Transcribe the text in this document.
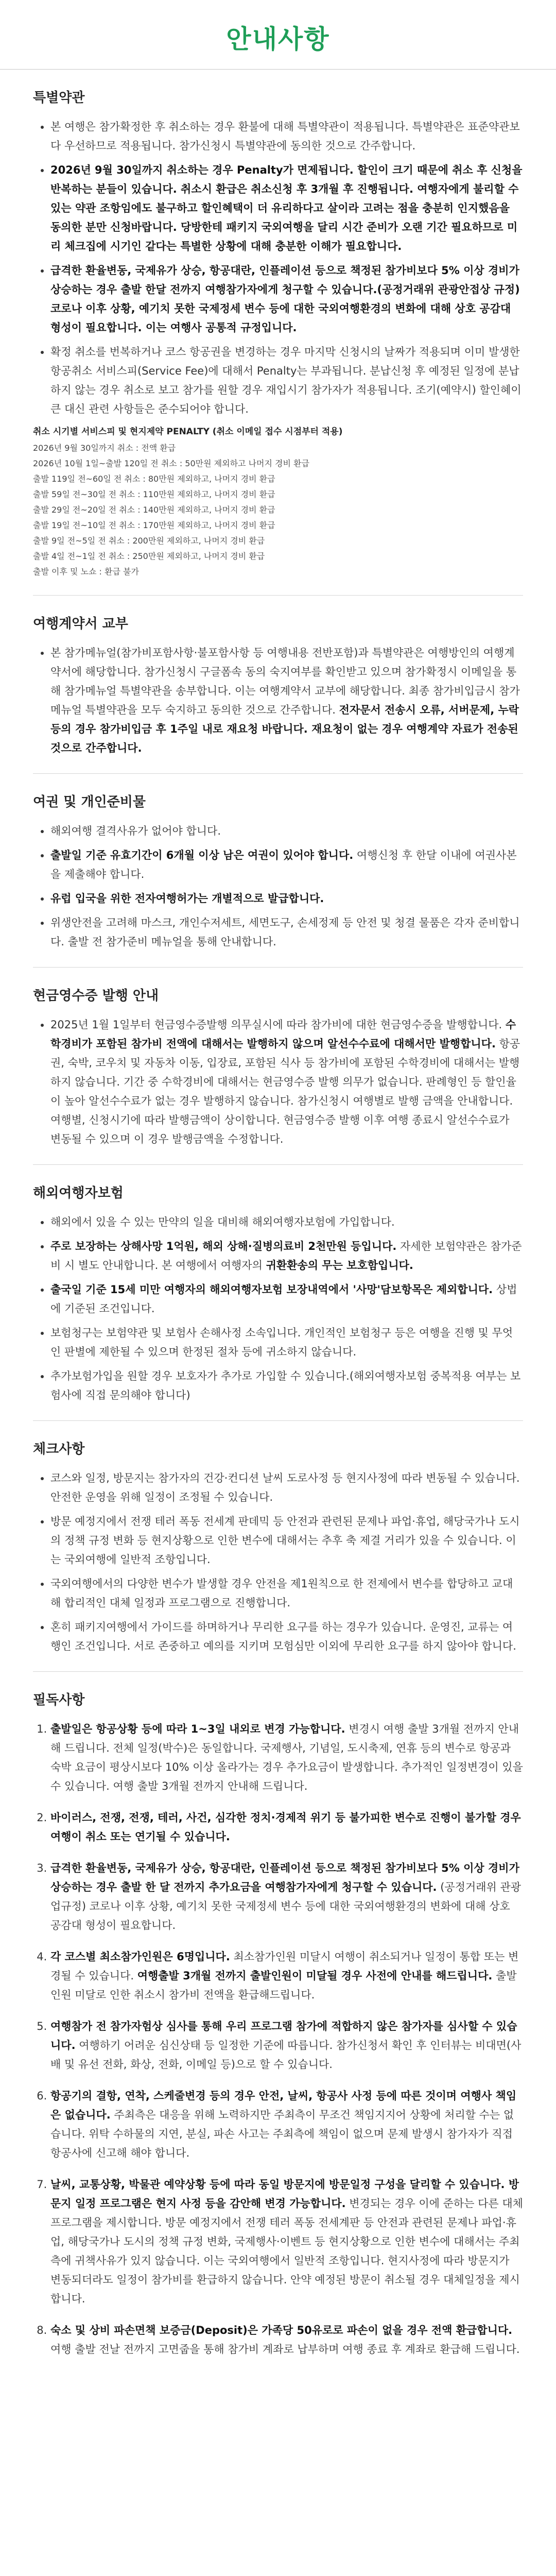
안내사항
특별약관
• 본 여행은 참가확정한 후 취소하는 경우 환불에 대해 특별약관이 적용됩니다. 특별약관은 표준약관보다 우선하므로 적용됩니다. 참가신청시 특별약관에 동의한 것으로 간주합니다.
• 2026년 9월 30일까지 취소하는 경우 Penalty가 면제됩니다. 할인이 크기 때문에 취소 후 신청을 반복하는 분들이 있습니다. 취소시 환급은 취소신청 후 3개월 후 진행됩니다. 여행자에게 불리할 수 있는 약관 조항임에도 불구하고 할인혜택이 더 유리하다고 살이라 고려는 점을 충분히 인지했음을 동의한 분만 신청바랍니다. 당방한테 패키지 국외여행을 달리 시간 준비가 오랜 기간 필요하므로 미리 체크집에 시기인 같다는 특별한 상황에 대해 충분한 이해가 필요합니다.
• 급격한 환율변동, 국제유가 상승, 항공대란, 인플레이션 등으로 책정된 참가비보다 5% 이상 경비가 상승하는 경우 출발 한달 전까지 여행참가자에게 청구할 수 있습니다.(공정거래위 관광안접상 규정) 코로나 이후 상황, 예기치 못한 국제정세 변수 등에 대한 국외여행환경의 변화에 대해 상호 공감대 형성이 필요합니다. 이는 여행사 공통적 규정입니다.
• 확정 취소를 번복하거나 코스 항공권을 변경하는 경우 마지막 신청시의 날짜가 적용되며 이미 발생한 항공취소 서비스피(Service Fee)에 대해서 Penalty는 부과됩니다. 분납신청 후 예정된 일정에 분납하지 않는 경우 취소로 보고 참가를 원할 경우 재입시기 참가자가 적용됩니다. 조기(예약시) 할인혜이 큰 대신 관련 사항들은 준수되어야 합니다.
취소 시기별 서비스피 및 현지제약 PENALTY (취소 이메일 접수 시점부터 적용)
2026년 9월 30일까지 취소 : 전액 환급
2026년 10월 1일~출발 120일 전 취소 : 50만원 제외하고 나머지 경비 환급
출발 119일 전~60일 전 취소 : 80만원 제외하고, 나머지 경비 환급
출발 59일 전~30일 전 취소 : 110만원 제외하고, 나머지 경비 환급
출발 29일 전~20일 전 취소 : 140만원 제외하고, 나머지 경비 환급
출발 19일 전~10일 전 취소 : 170만원 제외하고, 나머지 경비 환급
출발 9일 전~5일 전 취소 : 200만원 제외하고, 나머지 경비 환급
출발 4일 전~1일 전 취소 : 250만원 제외하고, 나머지 경비 환급
출발 이후 및 노쇼 : 환급 불가
여행계약서 교부
• 본 참가메뉴얼(참가비포함사항·불포함사항 등 여행내용 전반포함)과 특별약관은 여행방인의 여행계약서에 해당합니다. 참가신청시 구글폼속 동의 숙지여부를 확인받고 있으며 참가확정시 이메일을 통해 참가메뉴얼 특별약관을 송부합니다. 이는 여행계약서 교부에 해당합니다. 최종 참가비입금시 참가메뉴얼 특별약관을 모두 숙지하고 동의한 것으로 간주합니다. 전자문서 전송시 오류, 서버문제, 누락 등의 경우 참가비입금 후 1주일 내로 재요청 바랍니다. 재요청이 없는 경우 여행계약 자료가 전송된 것으로 간주합니다.
여권 및 개인준비물
• 해외여행 결격사유가 없어야 합니다.
• 출발일 기준 유효기간이 6개월 이상 남은 여권이 있어야 합니다. 여행신청 후 한달 이내에 여권사본을 제출해야 합니다.
• 유럽 입국을 위한 전자여행허가는 개별적으로 발급합니다.
• 위생안전을 고려해 마스크, 개인수저세트, 세면도구, 손세정제 등 안전 및 청결 물품은 각자 준비합니다. 출발 전 참가준비 메뉴얼을 통해 안내합니다.
현금영수증 발행 안내
• 2025년 1월 1일부터 현금영수증발행 의무실시에 따라 참가비에 대한 현금영수증을 발행합니다. 수학경비가 포함된 참가비 전액에 대해서는 발행하지 않으며 알선수수료에 대해서만 발행합니다. 항공권, 숙박, 코우치 및 자동차 이동, 입장료, 포함된 식사 등 참가비에 포함된 수학경비에 대해서는 발행하지 않습니다. 기간 중 수학경비에 대해서는 현금영수증 발행 의무가 없습니다. 판례형인 등 할인율이 높아 알선수수료가 없는 경우 발행하지 않습니다. 참가신청시 여행별로 발행 금액을 안내합니다. 여행별, 신청시기에 따라 발행금액이 상이합니다. 현금영수증 발행 이후 여행 종료시 알선수수료가 변동될 수 있으며 이 경우 발행금액을 수정합니다.
해외여행자보험
• 해외에서 있을 수 있는 만약의 일을 대비해 해외여행자보험에 가입합니다.
• 주로 보장하는 상해사망 1억원, 해외 상해·질병의료비 2천만원 등입니다. 자세한 보험약관은 참가준비 시 별도 안내합니다. 본 여행에서 여행자의 귀환환송의 무는 보호함입니다.
• 출국일 기준 15세 미만 여행자의 해외여행자보험 보장내역에서 '사망'담보항목은 제외합니다. 상법에 기준된 조건입니다.
• 보험청구는 보험약관 및 보험사 손해사정 소속입니다. 개인적인 보험청구 등은 여행을 진행 및 무엇인 판별에 제한될 수 있으며 한정된 절차 등에 귀소하지 않습니다.
• 추가보험가입을 원할 경우 보호자가 추가로 가입할 수 있습니다.(해외여행자보험 중복적용 여부는 보험사에 직접 문의해야 합니다)
체크사항
• 코스와 일정, 방문지는 참가자의 건강·컨디션 날씨 도로사정 등 현지사정에 따라 변동될 수 있습니다. 안전한 운영을 위해 일정이 조정될 수 있습니다.
• 방문 예정지에서 전쟁 테러 폭동 전세계 판데믹 등 안전과 관련된 문제나 파업·휴업, 해당국가나 도시의 정책 규정 변화 등 현지상황으로 인한 변수에 대해서는 추후 축 제결 거리가 있을 수 있습니다. 이는 국외여행에 일반적 조항입니다.
• 국외여행에서의 다양한 변수가 발생할 경우 안전을 제1원칙으로 한 전제에서 변수를 합당하고 교대해 합리적인 대체 일정과 프로그램으로 진행합니다.
• 혼히 패키지여행에서 가이드를 하며하거나 무리한 요구를 하는 경우가 있습니다. 운영진, 교류는 여행인 조건입니다. 서로 존중하고 예의를 지키며 모험심만 이외에 무리한 요구를 하지 않아야 합니다.
필독사항
1. 출발일은 항공상황 등에 따라 1~3일 내외로 변경 가능합니다. 변경시 여행 출발 3개월 전까지 안내해 드립니다. 전체 일정(박수)은 동일합니다. 국제행사, 기념일, 도시축제, 연휴 등의 변수로 항공과 숙박 요금이 평상시보다 10% 이상 올라가는 경우 추가요금이 발생합니다. 추가적인 일정변경이 있을 수 있습니다. 여행 출발 3개월 전까지 안내해 드립니다.
2. 바이러스, 전쟁, 전쟁, 테러, 사건, 심각한 정치·경제적 위기 등 불가피한 변수로 진행이 불가할 경우 여행이 취소 또는 연기될 수 있습니다.
3. 급격한 환율변동, 국제유가 상승, 항공대란, 인플레이션 등으로 책정된 참가비보다 5% 이상 경비가 상승하는 경우 출발 한 달 전까지 추가요금을 여행참가자에게 청구할 수 있습니다. (공정거래위 관광업규정) 코로나 이후 상황, 예기치 못한 국제정세 변수 등에 대한 국외여행환경의 변화에 대해 상호 공감대 형성이 필요합니다.
4. 각 코스별 최소참가인원은 6명입니다. 최소참가인원 미달시 여행이 취소되거나 일정이 통합 또는 변경될 수 있습니다. 여행출발 3개월 전까지 출발인원이 미달될 경우 사전에 안내를 해드립니다. 출발인원 미달로 인한 취소시 참가비 전액을 환급해드립니다.
5. 여행참가 전 참가자험상 심사를 통해 우리 프로그램 참가에 적합하지 않은 참가자를 심사할 수 있습니다. 여행하기 어려운 심신상태 등 일정한 기준에 따릅니다. 참가신청서 확인 후 인터뷰는 비대면(사배 및 유선 전화, 화상, 전화, 이메일 등)으로 할 수 있습니다.
6. 항공기의 결항, 연착, 스케줄변경 등의 경우 안전, 날씨, 항공사 사정 등에 따른 것이며 여행사 책임은 없습니다. 주최측은 대응을 위해 노력하지만 주최측이 무조건 책임지지어 상황에 처리할 수는 없습니다. 위탁 수하물의 지연, 분실, 파손 사고는 주최측에 책임이 없으며 문제 발생시 참가자가 직접 항공사에 신고해 해야 합니다.
7. 날씨, 교통상황, 박물관 예약상황 등에 따라 동일 방문지에 방문일정 구성을 달리할 수 있습니다. 방문지 일정 프로그램은 현지 사정 등을 감안해 변경 가능합니다. 변경되는 경우 이에 준하는 다른 대체 프로그램을 제시합니다. 방문 예정지에서 전쟁 테러 폭동 전세계판 등 안전과 관련된 문제나 파업·휴업, 해당국가나 도시의 정책 규정 변화, 국제행사·이벤트 등 현지상황으로 인한 변수에 대해서는 주최측에 귀책사유가 있지 않습니다. 이는 국외여행에서 일반적 조항입니다. 현지사정에 따라 방문지가 변동되더라도 일정이 참가비를 환급하지 않습니다. 안약 예정된 방문이 취소될 경우 대체일정을 제시합니다.
8. 숙소 및 상비 파손면책 보증금(Deposit)은 가족당 50유로로 파손이 없을 경우 전액 환급합니다. 여행 출발 전날 전까지 고면줍을 통해 참가비 계좌로 납부하며 여행 종료 후 계좌로 환급해 드립니다.
